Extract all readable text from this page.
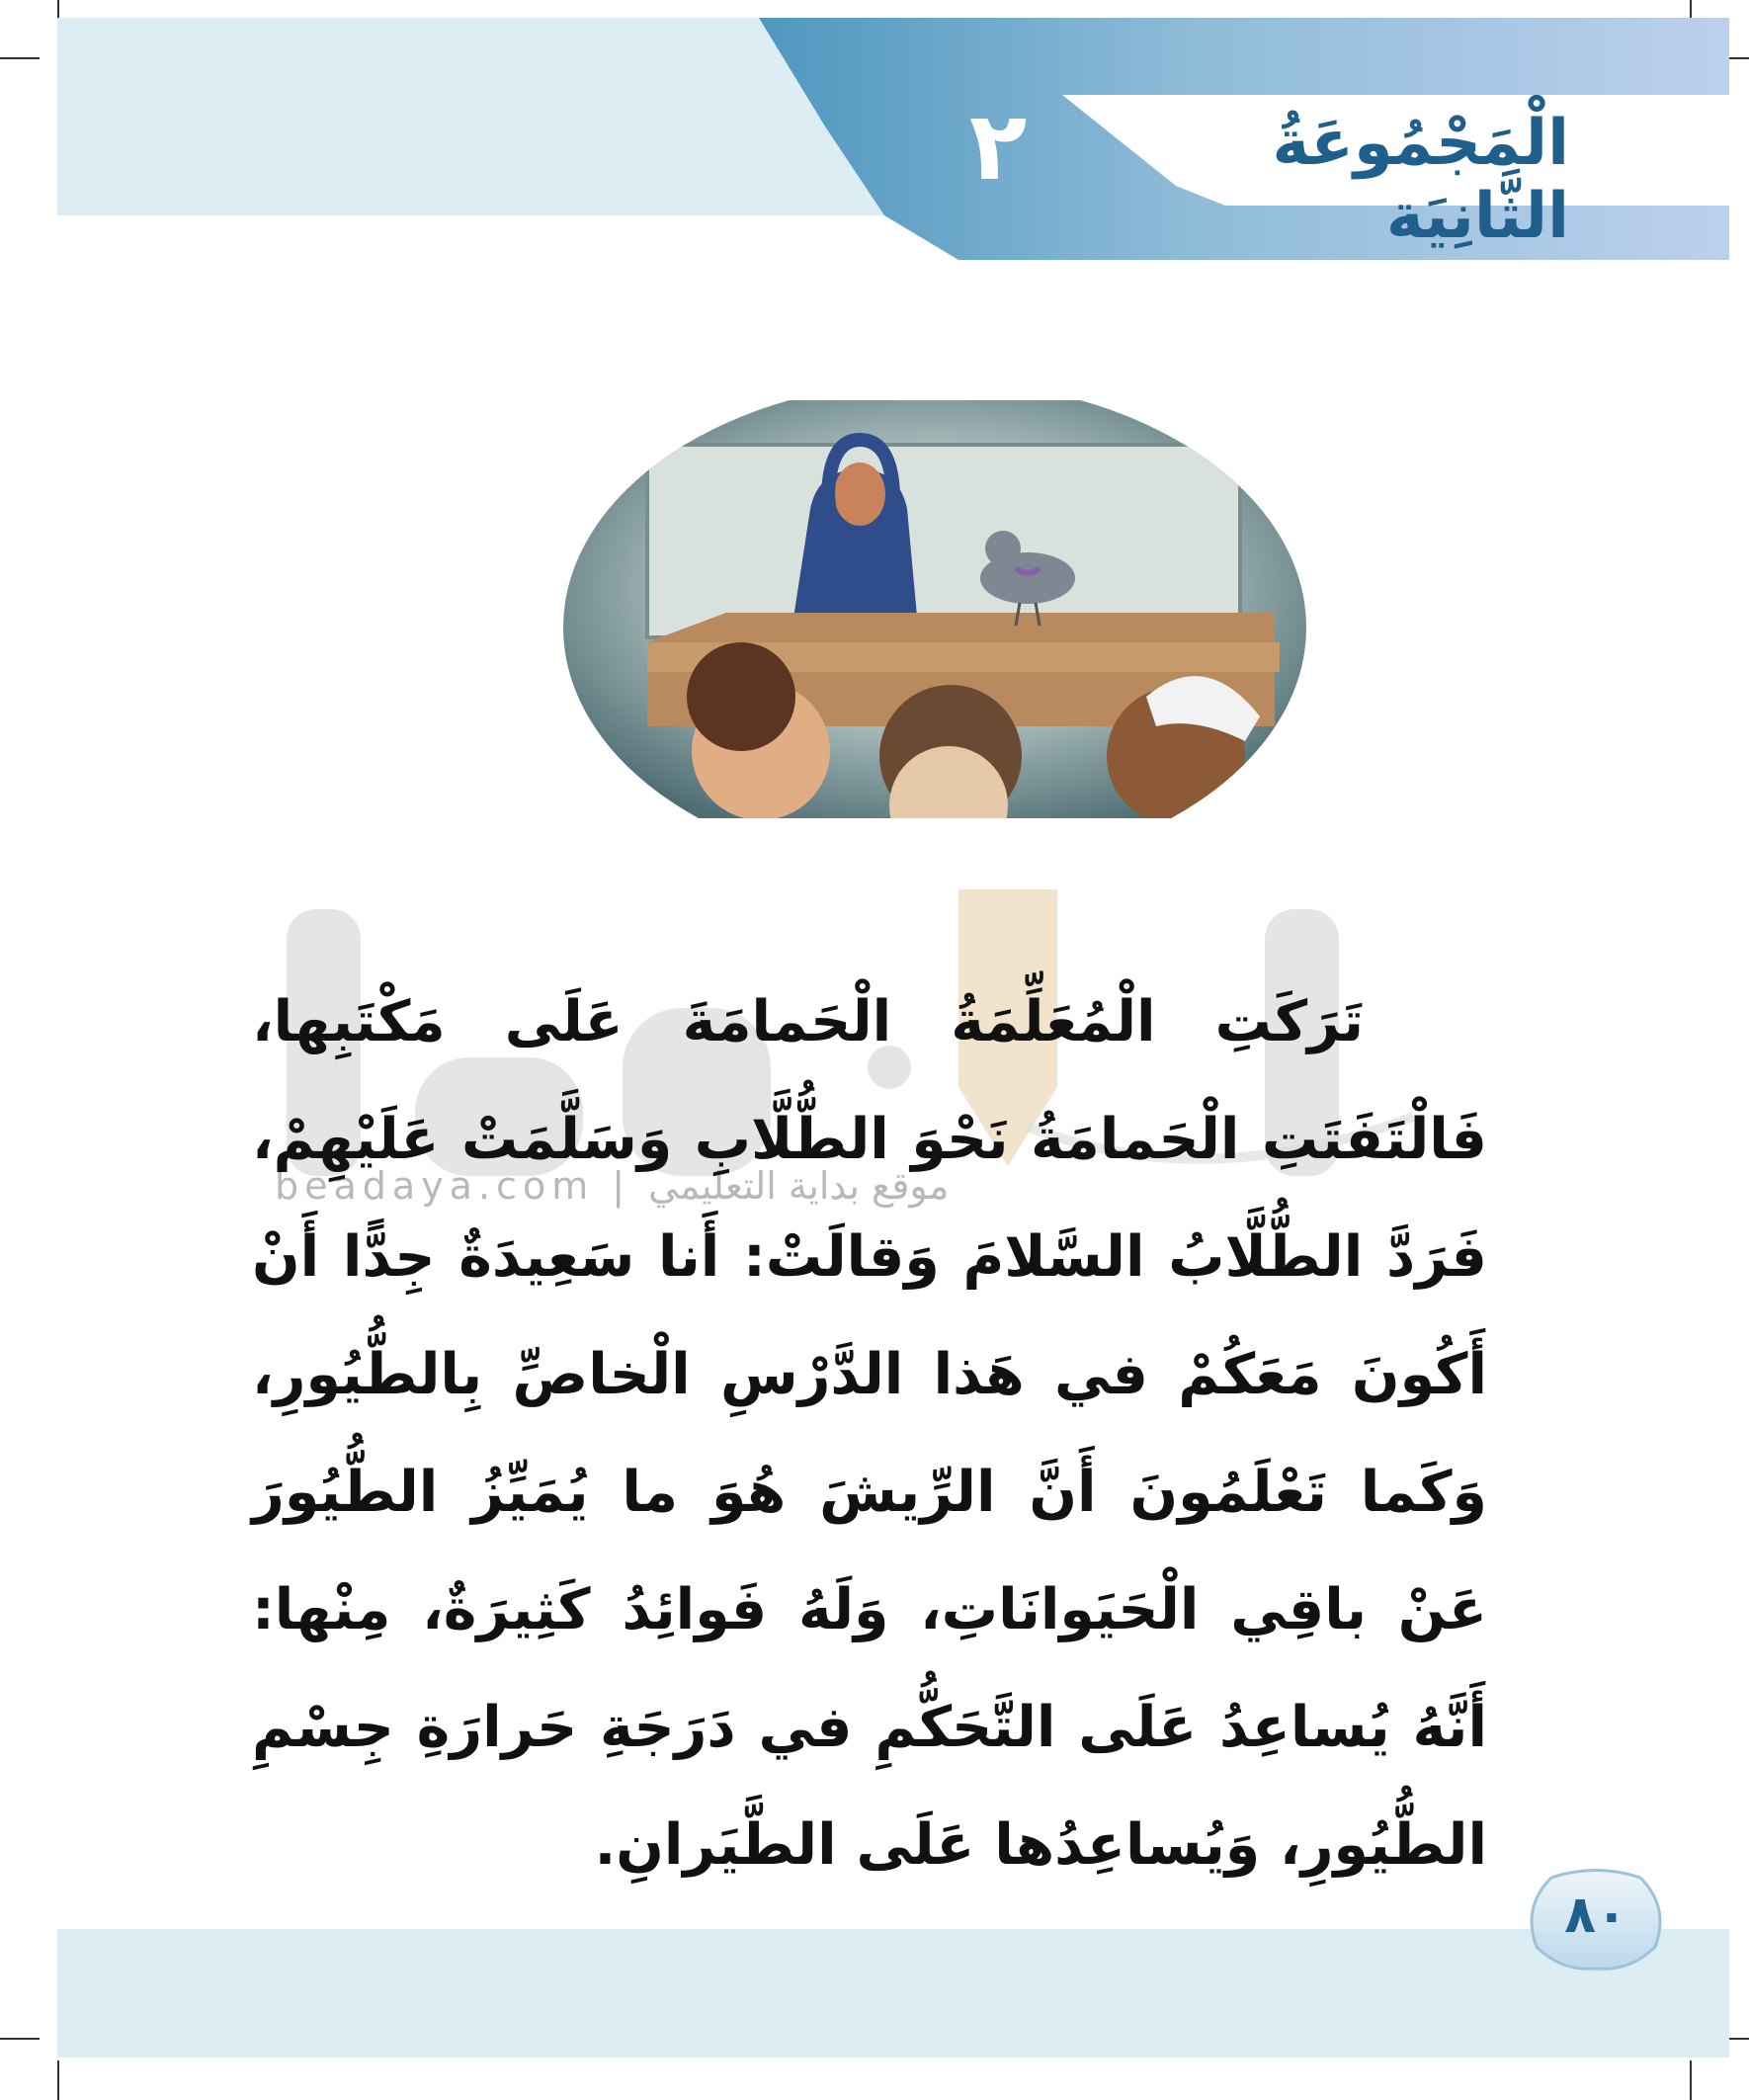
الْمَجْمُوعَةُ الثَّانِيَة
٢
beadaya.com | موقع بداية التعليمي
تَرَكَتِ الْمُعَلِّمَةُ الْحَمامَةَ عَلَى مَكْتَبِها، فَالْتَفَتَتِ الْحَمامَةُ نَحْوَ الطُّلَّابِ وَسَلَّمَتْ عَلَيْهِمْ، فَرَدَّ الطُّلَّابُ السَّلامَ وَقالَتْ: أَنا سَعِيدَةٌ جِدًّا أَنْ أَكُونَ مَعَكُمْ في هَذا الدَّرْسِ الْخاصِّ بِالطُّيُورِ، وَكَما تَعْلَمُونَ أَنَّ الرِّيشَ هُوَ ما يُمَيِّزُ الطُّيُورَ عَنْ باقِي الْحَيَوانَاتِ، وَلَهُ فَوائِدُ كَثِيرَةٌ، مِنْها: أَنَّهُ يُساعِدُ عَلَى التَّحَكُّمِ في دَرَجَةِ حَرارَةِ جِسْمِ الطُّيُورِ، وَيُساعِدُها عَلَى الطَّيَرانِ.
٨٠
